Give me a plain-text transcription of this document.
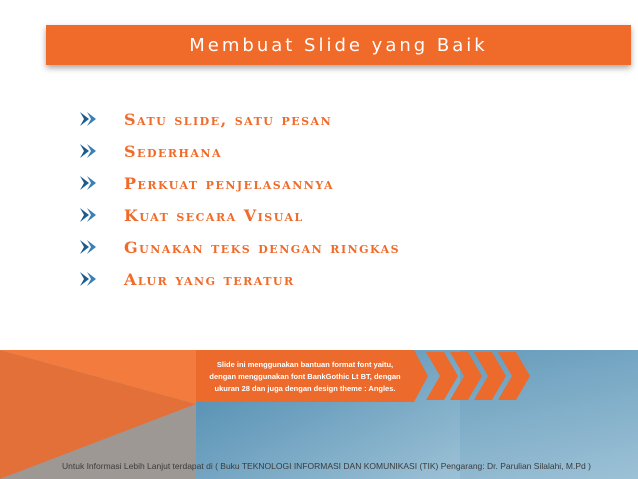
Membuat Slide yang Baik
Satu slide, satu pesan
Sederhana
Perkuat penjelasannya
Kuat secara Visual
Gunakan teks dengan ringkas
Alur yang teratur
Slide ini menggunakan bantuan format font yaitu,
dengan menggunakan font BankGothic Lt BT, dengan
ukuran 28 dan juga dengan design theme : Angles.
Untuk Informasi Lebih Lanjut terdapat di ( Buku TEKNOLOGI INFORMASI DAN KOMUNIKASI (TIK) Pengarang: Dr. Parulian Silalahi, M.Pd )
